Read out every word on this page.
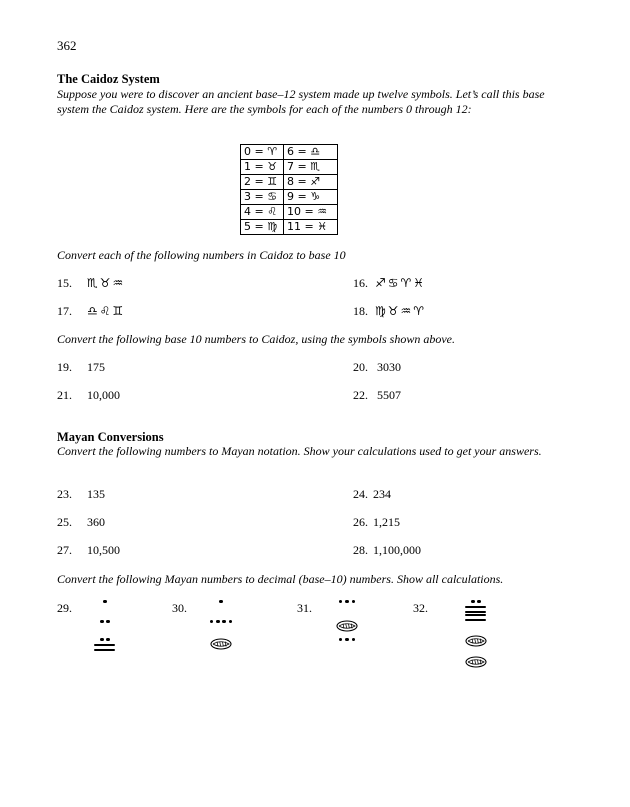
362
The Caidoz System
Suppose you were to discover an ancient base–12 system made up twelve symbols. Let’s call this base system the Caidoz system. Here are the symbols for each of the numbers 0 through 12:
0 = ♈	6 = ♎
1 = ♉	7 = ♏
2 = ♊	8 = ♐
3 = ♋	9 = ♑
4 = ♌	10 = ♒
5 = ♍	11 = ♓
Convert each of the following numbers in Caidoz to base 10
15. ♏♉♒	16. ♐♋♈♓
17. ♎♌♊	18. ♍♉♒♈
Convert the following base 10 numbers to Caidoz, using the symbols shown above.
19. 175	20. 3030
21. 10,000	22. 5507
Mayan Conversions
Convert the following numbers to Mayan notation. Show your calculations used to get your answers.
23. 135	24. 234
25. 360	26. 1,215
27. 10,500	28. 1,100,000
Convert the following Mayan numbers to decimal (base–10) numbers. Show all calculations.
29.	30.	31.	32.
